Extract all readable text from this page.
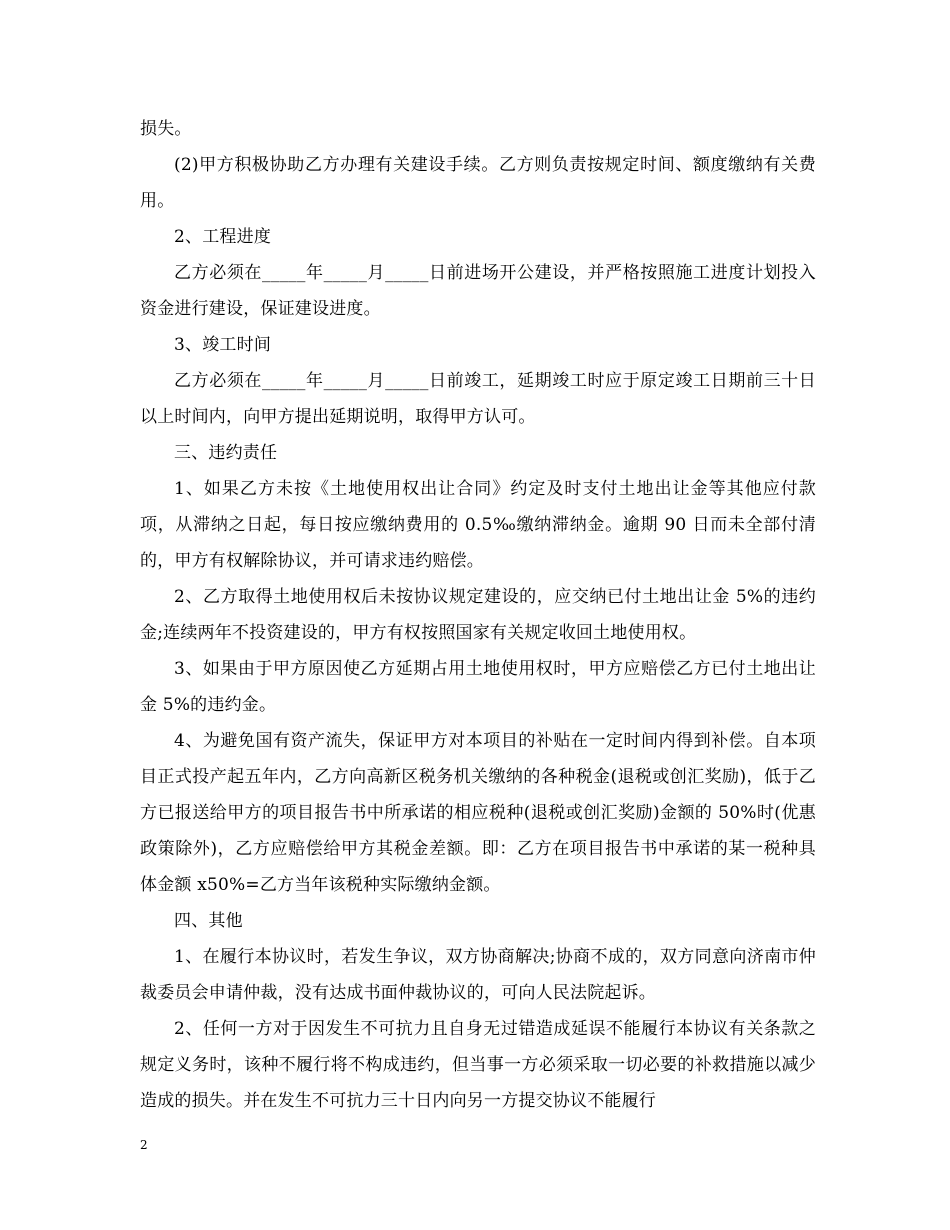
损失。

(2)甲方积极协助乙方办理有关建设手续。乙方则负责按规定时间、额度缴纳有关费用。

2、工程进度

乙方必须在_____年_____月_____日前进场开公建设，并严格按照施工进度计划投入资金进行建设，保证建设进度。

3、竣工时间

乙方必须在_____年_____月_____日前竣工，延期竣工时应于原定竣工日期前三十日以上时间内，向甲方提出延期说明，取得甲方认可。

三、违约责任

1、如果乙方未按《土地使用权出让合同》约定及时支付土地出让金等其他应付款项，从滞纳之日起，每日按应缴纳费用的 0.5‰缴纳滞纳金。逾期 90 日而未全部付清的，甲方有权解除协议，并可请求违约赔偿。

2、乙方取得土地使用权后未按协议规定建设的，应交纳已付土地出让金 5%的违约金;连续两年不投资建设的，甲方有权按照国家有关规定收回土地使用权。

3、如果由于甲方原因使乙方延期占用土地使用权时，甲方应赔偿乙方已付土地出让金 5%的违约金。

4、为避免国有资产流失，保证甲方对本项目的补贴在一定时间内得到补偿。自本项目正式投产起五年内，乙方向高新区税务机关缴纳的各种税金(退税或创汇奖励)，低于乙方已报送给甲方的项目报告书中所承诺的相应税种(退税或创汇奖励)金额的 50%时(优惠政策除外)，乙方应赔偿给甲方其税金差额。即：乙方在项目报告书中承诺的某一税种具体金额 x50%=乙方当年该税种实际缴纳金额。

四、其他

1、在履行本协议时，若发生争议，双方协商解决;协商不成的，双方同意向济南市仲裁委员会申请仲裁，没有达成书面仲裁协议的，可向人民法院起诉。

2、任何一方对于因发生不可抗力且自身无过错造成延误不能履行本协议有关条款之规定义务时，该种不履行将不构成违约，但当事一方必须采取一切必要的补救措施以减少造成的损失。并在发生不可抗力三十日内向另一方提交协议不能履行

2
